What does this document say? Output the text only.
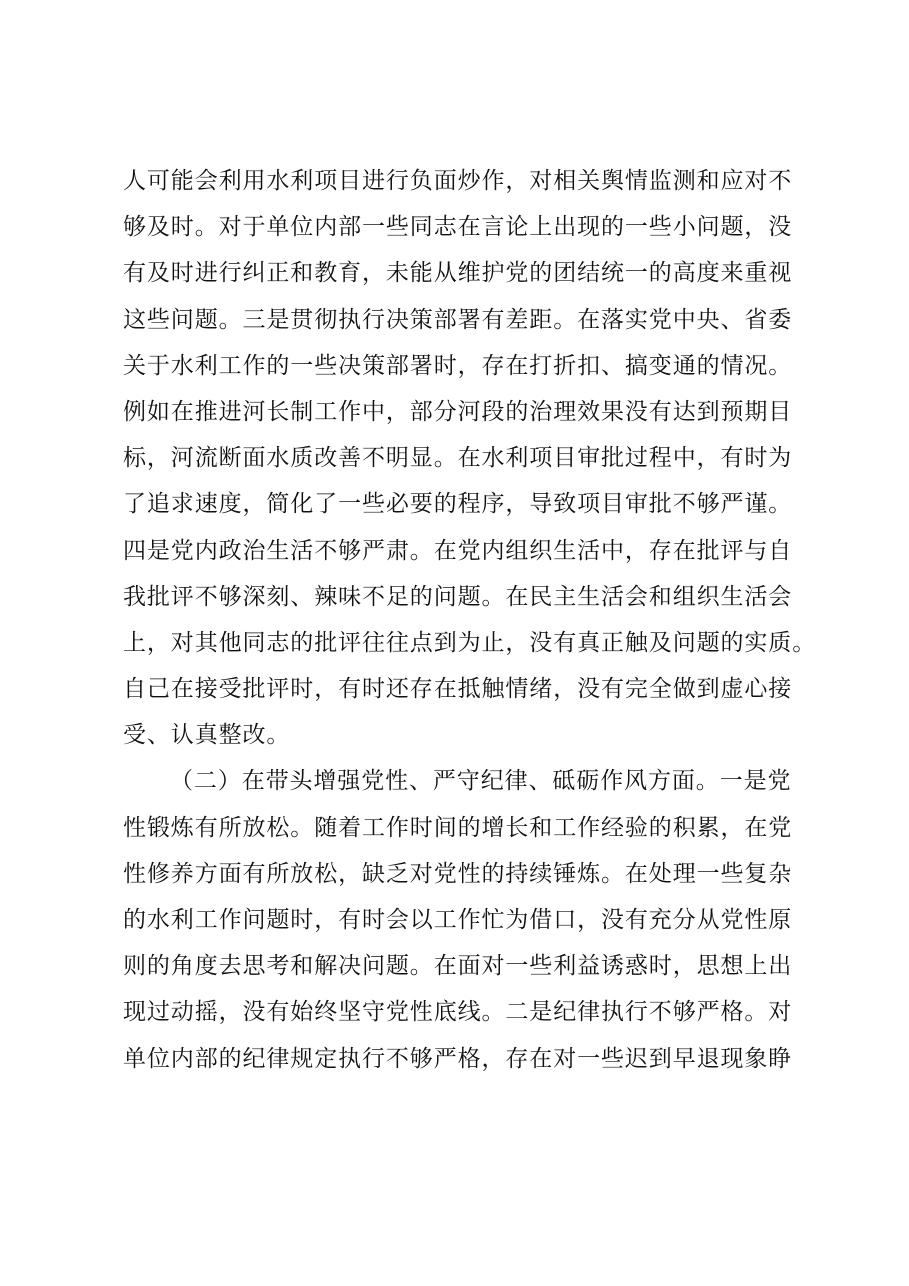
人可能会利用水利项目进行负面炒作，对相关舆情监测和应对不
够及时。对于单位内部一些同志在言论上出现的一些小问题，没
有及时进行纠正和教育，未能从维护党的团结统一的高度来重视
这些问题。三是贯彻执行决策部署有差距。在落实党中央、省委
关于水利工作的一些决策部署时，存在打折扣、搞变通的情况。
例如在推进河长制工作中，部分河段的治理效果没有达到预期目
标，河流断面水质改善不明显。在水利项目审批过程中，有时为
了追求速度，简化了一些必要的程序，导致项目审批不够严谨。
四是党内政治生活不够严肃。在党内组织生活中，存在批评与自
我批评不够深刻、辣味不足的问题。在民主生活会和组织生活会
上，对其他同志的批评往往点到为止，没有真正触及问题的实质。
自己在接受批评时，有时还存在抵触情绪，没有完全做到虚心接
受、认真整改。
（二）在带头增强党性、严守纪律、砥砺作风方面。一是党
性锻炼有所放松。随着工作时间的增长和工作经验的积累，在党
性修养方面有所放松，缺乏对党性的持续锤炼。在处理一些复杂
的水利工作问题时，有时会以工作忙为借口，没有充分从党性原
则的角度去思考和解决问题。在面对一些利益诱惑时，思想上出
现过动摇，没有始终坚守党性底线。二是纪律执行不够严格。对
单位内部的纪律规定执行不够严格，存在对一些迟到早退现象睁
